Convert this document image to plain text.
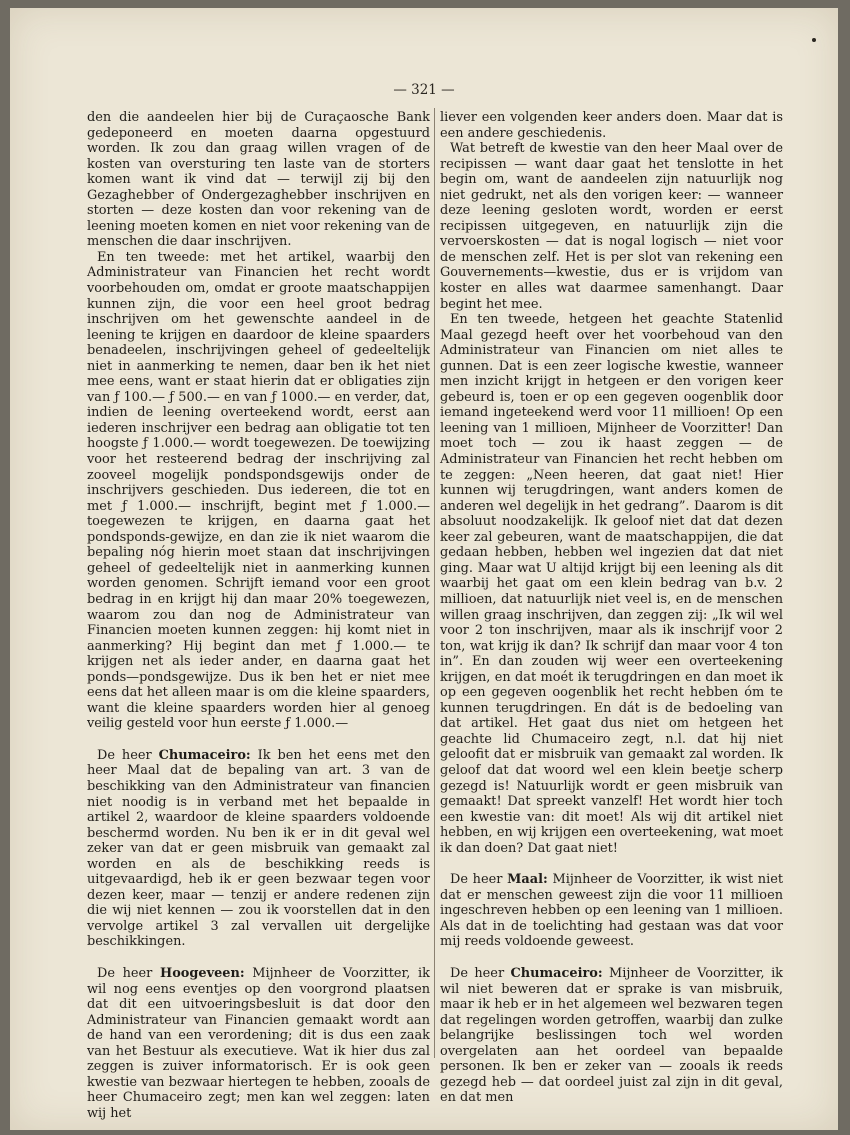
— 321 —

den die aandeelen hier bij de Curaçaosche Bank gedeponeerd en moeten daarna opgestuurd worden. Ik zou dan graag willen vragen of de kosten van oversturing ten laste van de storters komen want ik vind dat — terwijl zij bij den Gezaghebber of Ondergezaghebber inschrijven en storten — deze kosten dan voor rekening van de leening moeten komen en niet voor rekening van de menschen die daar inschrijven.

En ten tweede: met het artikel, waarbij den Administrateur van Financien het recht wordt voorbehouden om, omdat er groote maatschappijen kunnen zijn, die voor een heel groot bedrag inschrijven om het gewenschte aandeel in de leening te krijgen en daardoor de kleine spaarders benadeelen, inschrijvingen geheel of gedeeltelijk niet in aanmerking te nemen, daar ben ik het niet mee eens, want er staat hierin dat er obligaties zijn van ƒ 100.— ƒ 500.— en van ƒ 1000.— en verder, dat, indien de leening overteekend wordt, eerst aan iederen inschrijver een bedrag aan obligatie tot ten hoogste ƒ 1.000.— wordt toegewezen. De toewijzing voor het resteerend bedrag der inschrijving zal zooveel mogelijk pondspondsgewijs onder de inschrijvers geschieden. Dus iedereen, die tot en met ƒ 1.000.— inschrijft, begint met ƒ 1.000.— toegewezen te krijgen, en daarna gaat het pondsponds-gewijze, en dan zie ik niet waarom die bepaling nóg hierin moet staan dat inschrijvingen geheel of gedeeltelijk niet in aanmerking kunnen worden genomen. Schrijft iemand voor een groot bedrag in en krijgt hij dan maar 20% toegewezen, waarom zou dan nog de Administrateur van Financien moeten kunnen zeggen: hij komt niet in aanmerking? Hij begint dan met ƒ 1.000.— te krijgen net als ieder ander, en daarna gaat het ponds—pondsgewijze. Dus ik ben het er niet mee eens dat het alleen maar is om die kleine spaarders, want die kleine spaarders worden hier al genoeg veilig gesteld voor hun eerste ƒ 1.000.—

De heer Chumaceiro: Ik ben het eens met den heer Maal dat de bepaling van art. 3 van de beschikking van den Administrateur van financien niet noodig is in verband met het bepaalde in artikel 2, waardoor de kleine spaarders voldoende beschermd worden. Nu ben ik er in dit geval wel zeker van dat er geen misbruik van gemaakt zal worden en als de beschikking reeds is uitgevaardigd, heb ik er geen bezwaar tegen voor dezen keer, maar — tenzij er andere redenen zijn die wij niet kennen — zou ik voorstellen dat in den vervolge artikel 3 zal vervallen uit dergelijke beschikkingen.

De heer Hoogeveen: Mijnheer de Voorzitter, ik wil nog eens eventjes op den voorgrond plaatsen dat dit een uitvoeringsbesluit is dat door den Administrateur van Financien gemaakt wordt aan de hand van een verordening; dit is dus een zaak van het Bestuur als executieve. Wat ik hier dus zal zeggen is zuiver informatorisch. Er is ook geen kwestie van bezwaar hiertegen te hebben, zooals de heer Chumaceiro zegt; men kan wel zeggen: laten wij het

liever een volgenden keer anders doen. Maar dat is een andere geschiedenis.

Wat betreft de kwestie van den heer Maal over de recipissen — want daar gaat het tenslotte in het begin om, want de aandeelen zijn natuurlijk nog niet gedrukt, net als den vorigen keer: — wanneer deze leening gesloten wordt, worden er eerst recipissen uitgegeven, en natuurlijk zijn die vervoerskosten — dat is nogal logisch — niet voor de menschen zelf. Het is per slot van rekening een Gouvernements—kwestie, dus er is vrijdom van koster en alles wat daarmee samenhangt. Daar begint het mee.

En ten tweede, hetgeen het geachte Statenlid Maal gezegd heeft over het voorbehoud van den Administrateur van Financien om niet alles te gunnen. Dat is een zeer logische kwestie, wanneer men inzicht krijgt in hetgeen er den vorigen keer gebeurd is, toen er op een gegeven oogenblik door iemand ingeteekend werd voor 11 millioen! Op een leening van 1 millioen, Mijnheer de Voorzitter! Dan moet toch — zou ik haast zeggen — de Administrateur van Financien het recht hebben om te zeggen: „Neen heeren, dat gaat niet! Hier kunnen wij terugdringen, want anders komen de anderen wel degelijk in het gedrang”. Daarom is dit absoluut noodzakelijk. Ik geloof niet dat dat dezen keer zal gebeuren, want de maatschappijen, die dat gedaan hebben, hebben wel ingezien dat dat niet ging. Maar wat U altijd krijgt bij een leening als dit waarbij het gaat om een klein bedrag van b.v. 2 millioen, dat natuurlijk niet veel is, en de menschen willen graag inschrijven, dan zeggen zij: „Ik wil wel voor 2 ton inschrijven, maar als ik inschrijf voor 2 ton, wat krijg ik dan? Ik schrijf dan maar voor 4 ton in”. En dan zouden wij weer een overteekening krijgen, en dat moét ik terugdringen en dan moet ik op een gegeven oogenblik het recht hebben óm te kunnen terugdringen. En dát is de bedoeling van dat artikel. Het gaat dus niet om hetgeen het geachte lid Chumaceiro zegt, n.l. dat hij niet geloofit dat er misbruik van gemaakt zal worden. Ik geloof dat dat woord wel een klein beetje scherp gezegd is! Natuurlijk wordt er geen misbruik van gemaakt! Dat spreekt vanzelf! Het wordt hier toch een kwestie van: dit moet! Als wij dit artikel niet hebben, en wij krijgen een overteekening, wat moet ik dan doen? Dat gaat niet!

De heer Maal: Mijnheer de Voorzitter, ik wist niet dat er menschen geweest zijn die voor 11 millioen ingeschreven hebben op een leening van 1 millioen. Als dat in de toelichting had gestaan was dat voor mij reeds voldoende geweest.

De heer Chumaceiro: Mijnheer de Voorzitter, ik wil niet beweren dat er sprake is van misbruik, maar ik heb er in het algemeen wel bezwaren tegen dat regelingen worden getroffen, waarbij dan zulke belangrijke beslissingen toch wel worden overgelaten aan het oordeel van bepaalde personen. Ik ben er zeker van — zooals ik reeds gezegd heb — dat oordeel juist zal zijn in dit geval, en dat men
